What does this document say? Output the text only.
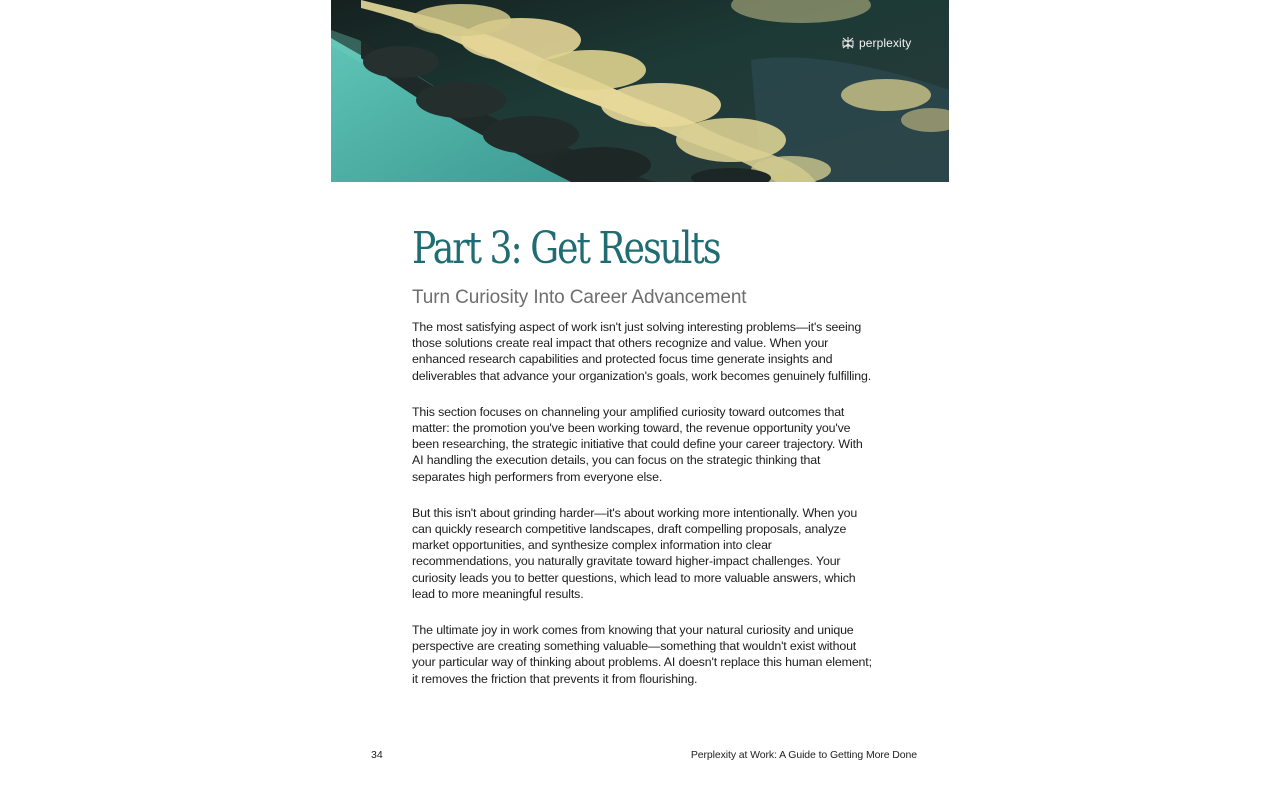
perplexity
Part 3: Get Results
Turn Curiosity Into Career Advancement

The most satisfying aspect of work isn't just solving interesting problems—it's seeing those solutions create real impact that others recognize and value. When your enhanced research capabilities and protected focus time generate insights and deliverables that advance your organization's goals, work becomes genuinely fulfilling.

This section focuses on channeling your amplified curiosity toward outcomes that matter: the promotion you've been working toward, the revenue opportunity you've been researching, the strategic initiative that could define your career trajectory. With AI handling the execution details, you can focus on the strategic thinking that separates high performers from everyone else.

But this isn't about grinding harder—it's about working more intentionally. When you can quickly research competitive landscapes, draft compelling proposals, analyze market opportunities, and synthesize complex information into clear recommendations, you naturally gravitate toward higher-impact challenges. Your curiosity leads you to better questions, which lead to more valuable answers, which lead to more meaningful results.

The ultimate joy in work comes from knowing that your natural curiosity and unique perspective are creating something valuable—something that wouldn't exist without your particular way of thinking about problems. AI doesn't replace this human element; it removes the friction that prevents it from flourishing.

34	Perplexity at Work: A Guide to Getting More Done
